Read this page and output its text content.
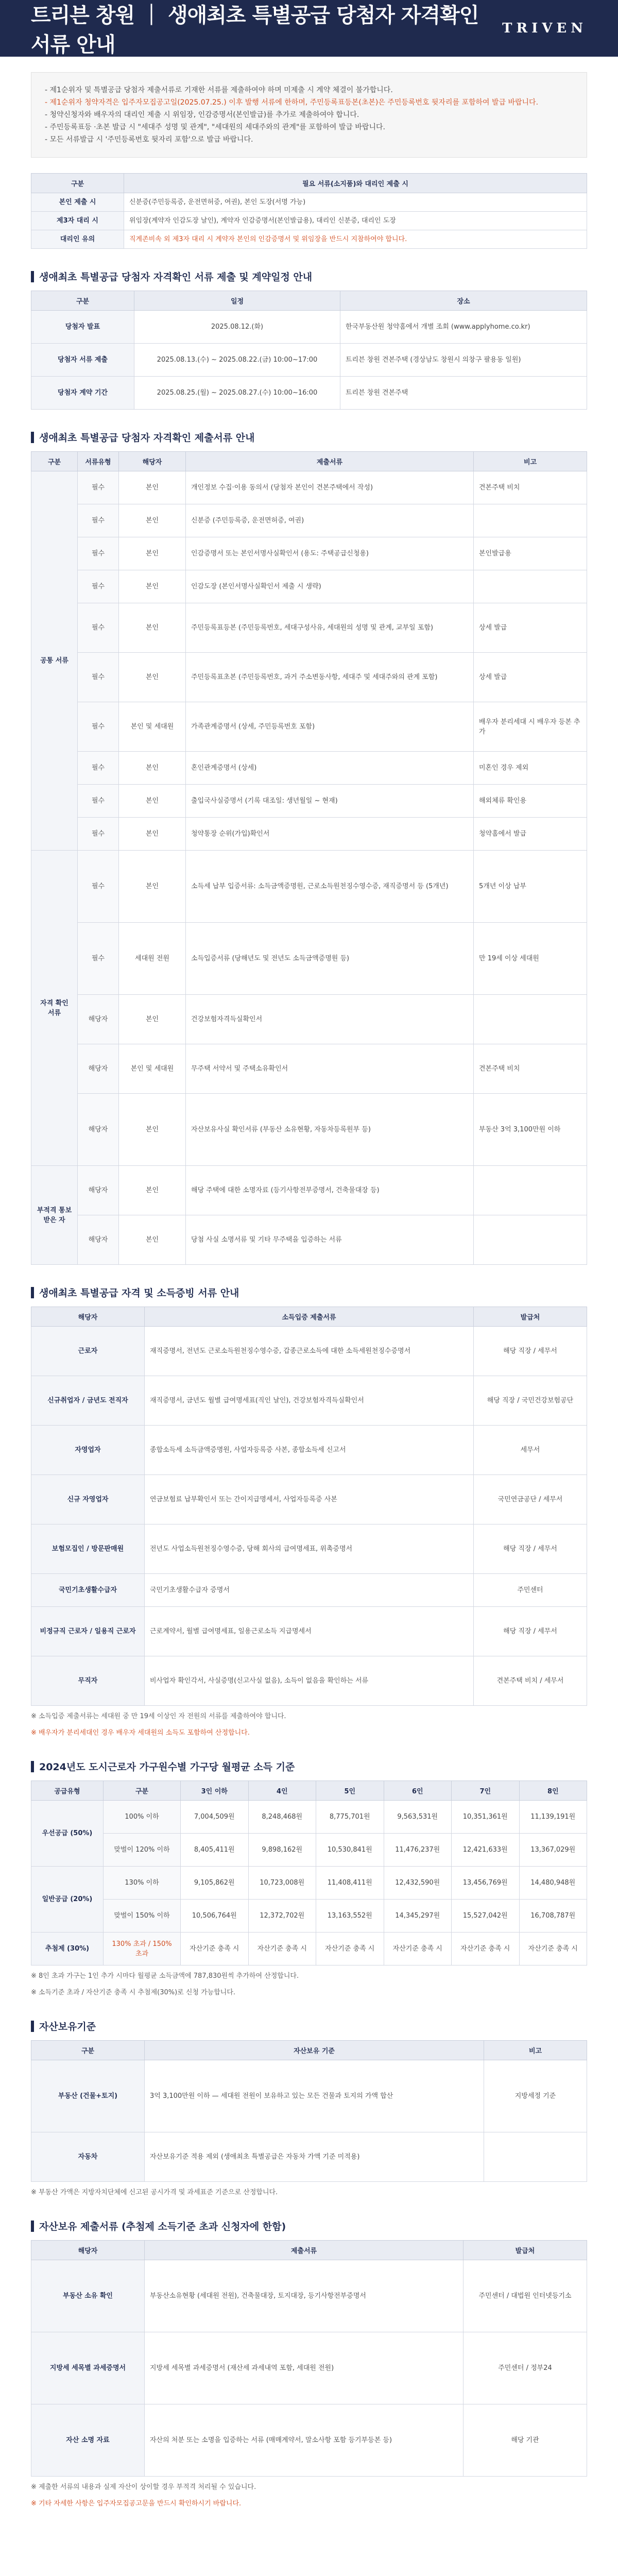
트리븐 창원 ｜ 생애최초 특별공급 당첨자 자격확인 서류 안내
TRIVEN
- 제1순위자 및 특별공급 당첨자 제출서류로 기재한 서류를 제출하여야 하며 미제출 시 계약 체결이 불가합니다.
- 제1순위자 청약자격은 입주자모집공고일(2025.07.25.) 이후 발행 서류에 한하며, 주민등록표등본(초본)은 주민등록번호 뒷자리를 포함하여 발급 바랍니다.
- 청약신청자와 배우자의 대리인 제출 시 위임장, 인감증명서(본인발급)를 추가로 제출하여야 합니다.
- 주민등록표등 ·초본 발급 시 "세대주 성명 및 관계", "세대원의 세대주와의 관계"를 포함하여 발급 바랍니다.
- 모든 서류발급 시 '주민등록번호 뒷자리 포함'으로 발급 바랍니다.
구분	필요 서류(소지품)와 대리인 제출 시
본인 제출 시	신분증(주민등록증, 운전면허증, 여권), 본인 도장(서명 가능)
제3자 대리 시	위임장(계약자 인감도장 날인), 계약자 인감증명서(본인발급용), 대리인 신분증, 대리인 도장
대리인 유의	직계존비속 외 제3자 대리 시 계약자 본인의 인감증명서 및 위임장을 반드시 지참하여야 합니다.
생애최초 특별공급 당첨자 자격확인 서류 제출 및 계약일정 안내
구분	일정	장소
당첨자 발표	2025.08.12.(화)	한국부동산원 청약홈에서 개별 조회 (www.applyhome.co.kr)
당첨자 서류 제출	2025.08.13.(수) ~ 2025.08.22.(금) 10:00~17:00	트리븐 창원 견본주택 (경상남도 창원시 의창구 팔용동 일원)
당첨자 계약 기간	2025.08.25.(월) ~ 2025.08.27.(수) 10:00~16:00	트리븐 창원 견본주택
생애최초 특별공급 당첨자 자격확인 제출서류 안내
구분	서류유형	해당자	제출서류	비고
공통 서류	필수	본인	개인정보 수집·이용 동의서 (당첨자 본인이 견본주택에서 작성)	견본주택 비치
	필수	본인	신분증 (주민등록증, 운전면허증, 여권)	
	필수	본인	인감증명서 또는 본인서명사실확인서 (용도: 주택공급신청용)	본인발급용
	필수	본인	인감도장 (본인서명사실확인서 제출 시 생략)	
	필수	본인	주민등록표등본 (주민등록번호, 세대구성사유, 세대원의 성명 및 관계, 교부일 포함)	상세 발급
	필수	본인	주민등록표초본 (주민등록번호, 과거 주소변동사항, 세대주 및 세대주와의 관계 포함)	상세 발급
	필수	본인 및 세대원	가족관계증명서 (상세, 주민등록번호 포함)	배우자 분리세대 시 배우자 등본 추가
	필수	본인	혼인관계증명서 (상세)	미혼인 경우 제외
	필수	본인	출입국사실증명서 (기록 대조일: 생년월일 ~ 현재)	해외체류 확인용
	필수	본인	청약통장 순위(가입)확인서	청약홈에서 발급
자격 확인 서류	필수	본인	소득세 납부 입증서류: 소득금액증명원, 근로소득원천징수영수증, 재직증명서 등 (5개년)	5개년 이상 납부
	필수	세대원 전원	소득입증서류 (당해년도 및 전년도 소득금액증명원 등)	만 19세 이상 세대원
	해당자	본인	건강보험자격득실확인서	
	해당자	본인 및 세대원	무주택 서약서 및 주택소유확인서	견본주택 비치
	해당자	본인	자산보유사실 확인서류 (부동산 소유현황, 자동차등록원부 등)	부동산 3억 3,100만원 이하
부적격 통보 받은 자	해당자	본인	해당 주택에 대한 소명자료 (등기사항전부증명서, 건축물대장 등)	
	해당자	본인	당첨 사실 소명서류 및 기타 무주택을 입증하는 서류	
생애최초 특별공급 자격 및 소득증빙 서류 안내
해당자	소득입증 제출서류	발급처
근로자	재직증명서, 전년도 근로소득원천징수영수증, 갑종근로소득에 대한 소득세원천징수증명서	해당 직장 / 세무서
신규취업자 / 금년도 전직자	재직증명서, 금년도 월별 급여명세표(직인 날인), 건강보험자격득실확인서	해당 직장 / 국민건강보험공단
자영업자	종합소득세 소득금액증명원, 사업자등록증 사본, 종합소득세 신고서	세무서
신규 자영업자	연금보험료 납부확인서 또는 간이지급명세서, 사업자등록증 사본	국민연금공단 / 세무서
보험모집인 / 방문판매원	전년도 사업소득원천징수영수증, 당해 회사의 급여명세표, 위촉증명서	해당 직장 / 세무서
국민기초생활수급자	국민기초생활수급자 증명서	주민센터
비정규직 근로자 / 일용직 근로자	근로계약서, 월별 급여명세표, 일용근로소득 지급명세서	해당 직장 / 세무서
무직자	비사업자 확인각서, 사실증명(신고사실 없음), 소득이 없음을 확인하는 서류	견본주택 비치 / 세무서

※ 소득입증 제출서류는 세대원 중 만 19세 이상인 자 전원의 서류를 제출하여야 합니다.

※ 배우자가 분리세대인 경우 배우자 세대원의 소득도 포함하여 산정합니다.

2024년도 도시근로자 가구원수별 가구당 월평균 소득 기준
공급유형	구분	3인 이하	4인	5인	6인	7인	8인
우선공급 (50%)	100% 이하	7,004,509원	8,248,468원	8,775,701원	9,563,531원	10,351,361원	11,139,191원
	맞벌이 120% 이하	8,405,411원	9,898,162원	10,530,841원	11,476,237원	12,421,633원	13,367,029원
일반공급 (20%)	130% 이하	9,105,862원	10,723,008원	11,408,411원	12,432,590원	13,456,769원	14,480,948원
	맞벌이 150% 이하	10,506,764원	12,372,702원	13,163,552원	14,345,297원	15,527,042원	16,708,787원
추첨제 (30%)	130% 초과 / 150% 초과	자산기준 충족 시	자산기준 충족 시	자산기준 충족 시	자산기준 충족 시	자산기준 충족 시	자산기준 충족 시

※ 8인 초과 가구는 1인 추가 시마다 월평균 소득금액에 787,830원씩 추가하여 산정합니다.

※ 소득기준 초과 / 자산기준 충족 시 추첨제(30%)로 신청 가능합니다.

자산보유기준
구분	자산보유 기준	비고
부동산 (건물+토지)	3억 3,100만원 이하 — 세대원 전원이 보유하고 있는 모든 건물과 토지의 가액 합산	지방세정 기준
자동차	자산보유기준 적용 제외 (생애최초 특별공급은 자동차 가액 기준 미적용)	

※ 부동산 가액은 지방자치단체에 신고된 공시가격 및 과세표준 기준으로 산정합니다.

자산보유 제출서류 (추첨제 소득기준 초과 신청자에 한함)
해당자	제출서류	발급처
부동산 소유 확인	부동산소유현황 (세대원 전원), 건축물대장, 토지대장, 등기사항전부증명서	주민센터 / 대법원 인터넷등기소
지방세 세목별 과세증명서	지방세 세목별 과세증명서 (재산세 과세내역 포함, 세대원 전원)	주민센터 / 정부24
자산 소명 자료	자산의 처분 또는 소명을 입증하는 서류 (매매계약서, 말소사항 포함 등기부등본 등)	해당 기관

※ 제출한 서류의 내용과 실제 자산이 상이할 경우 부적격 처리될 수 있습니다.

※ 기타 자세한 사항은 입주자모집공고문을 반드시 확인하시기 바랍니다.
